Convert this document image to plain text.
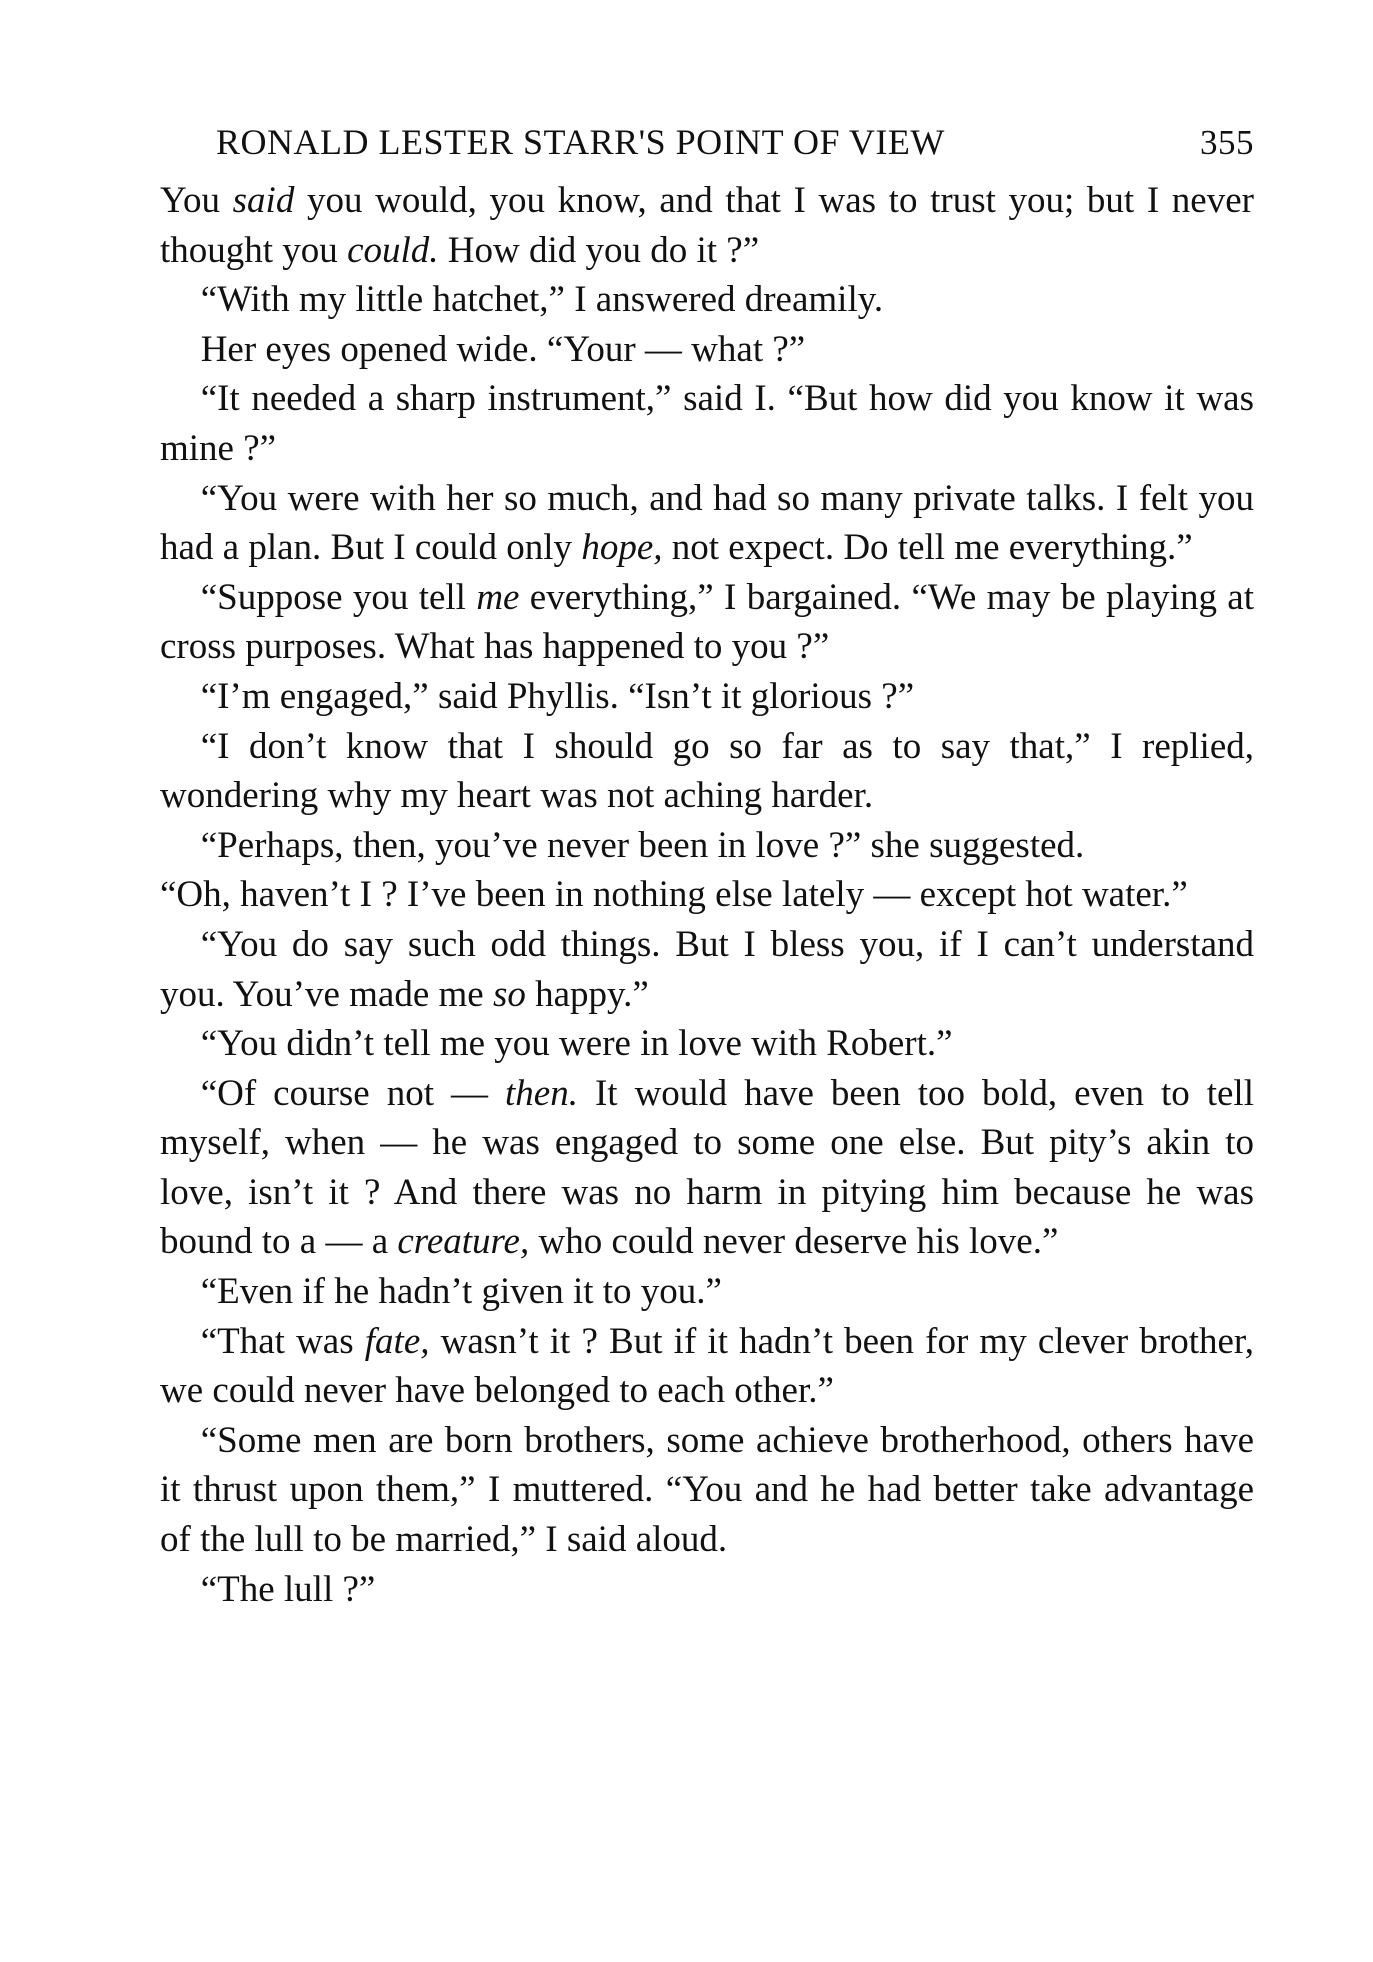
RONALD LESTER STARR'S POINT OF VIEW	355

You said you would, you know, and that I was to trust you; but I never thought you could. How did you do it ?”

“With my little hatchet,” I answered dreamily.

Her eyes opened wide. “Your — what ?”

“It needed a sharp instrument,” said I. “But how did you know it was mine ?”

“You were with her so much, and had so many private talks. I felt you had a plan. But I could only hope, not expect. Do tell me everything.”

“Suppose you tell me everything,” I bargained. “We may be playing at cross purposes. What has happened to you ?”

“I’m engaged,” said Phyllis. “Isn’t it glorious ?”

“I don’t know that I should go so far as to say that,” I replied, wondering why my heart was not aching harder.

“Perhaps, then, you’ve never been in love ?” she suggested.

“Oh, haven’t I ? I’ve been in nothing else lately — except hot water.”

“You do say such odd things. But I bless you, if I can’t understand you. You’ve made me so happy.”

“You didn’t tell me you were in love with Robert.”

“Of course not — then. It would have been too bold, even to tell myself, when — he was engaged to some one else. But pity’s akin to love, isn’t it ? And there was no harm in pitying him because he was bound to a — a creature, who could never deserve his love.”

“Even if he hadn’t given it to you.”

“That was fate, wasn’t it ? But if it hadn’t been for my clever brother, we could never have belonged to each other.”

“Some men are born brothers, some achieve brotherhood, others have it thrust upon them,” I muttered. “You and he had better take advantage of the lull to be married,” I said aloud.

“The lull ?”
